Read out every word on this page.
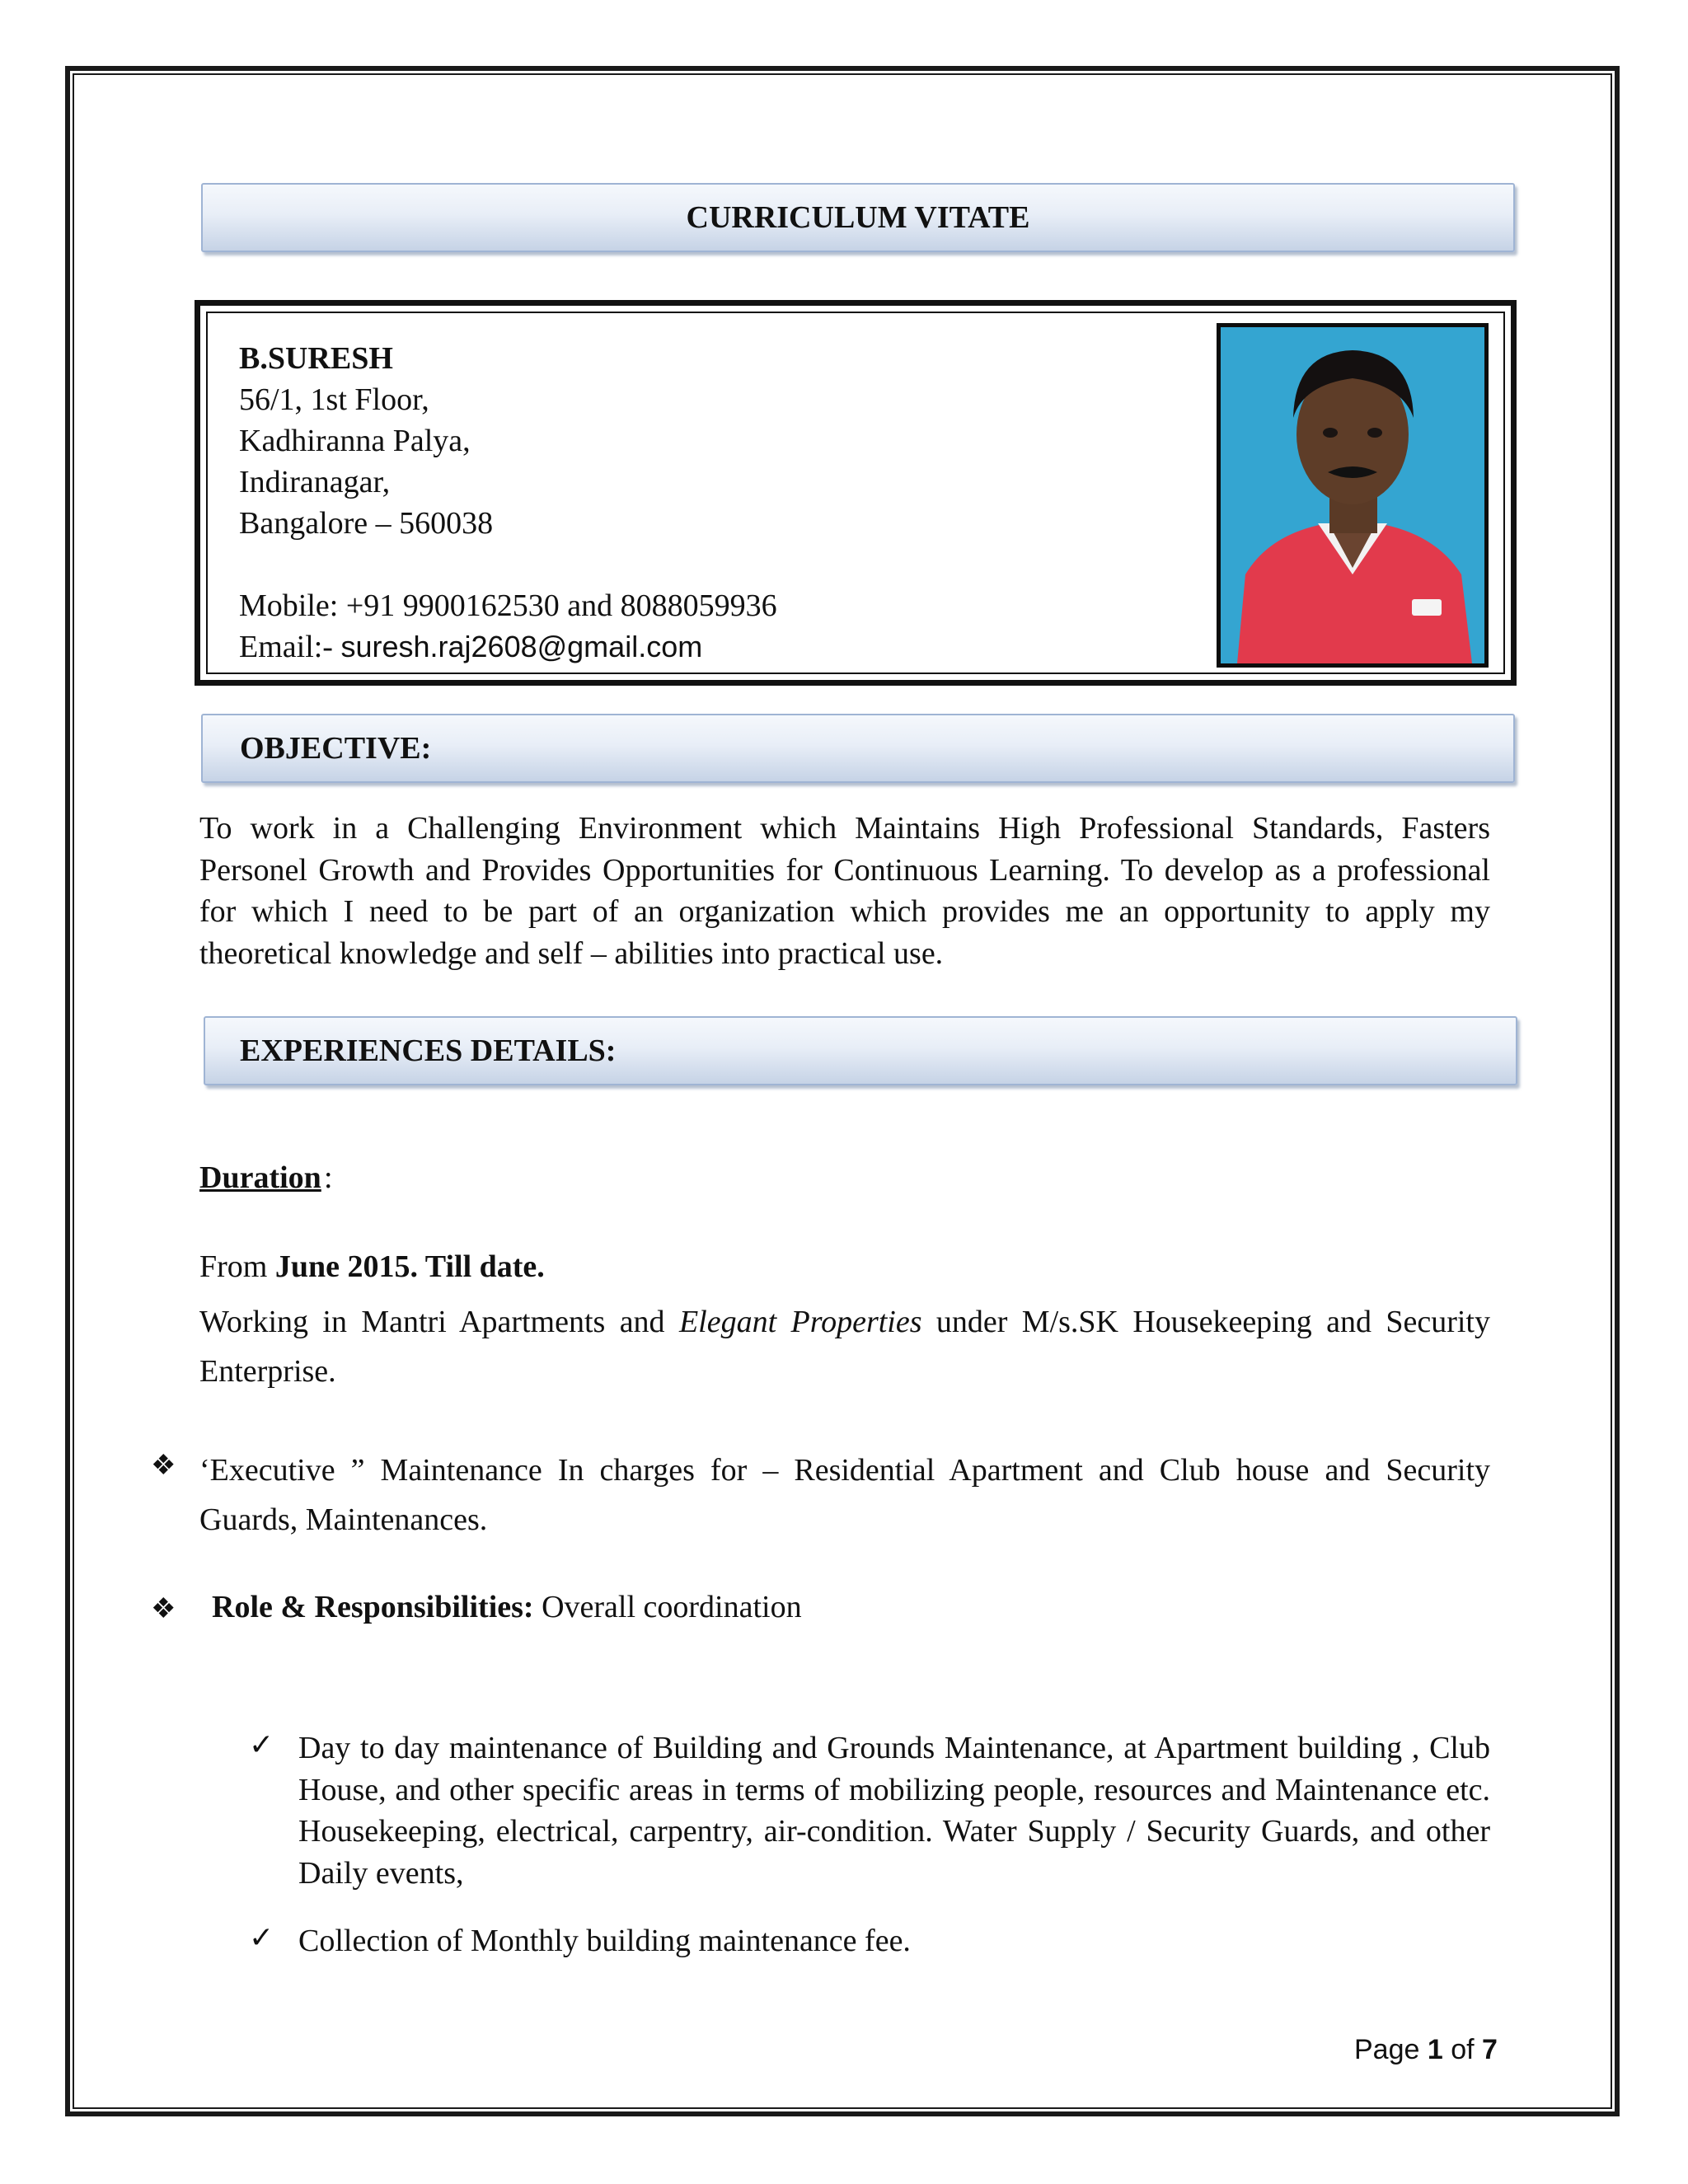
CURRICULUM VITATE
B.SURESH
56/1, 1st Floor,
Kadhiranna Palya,
Indiranagar,
Bangalore – 560038
Mobile: +91 9900162530 and 8088059936
Email:- suresh.raj2608@gmail.com
OBJECTIVE:
To work in a Challenging Environment which Maintains High Professional Standards, Fasters Personel Growth and Provides Opportunities for Continuous Learning. To develop as a professional for which I need to be part of an organization which provides me an opportunity to apply my theoretical knowledge and self – abilities into practical use.
EXPERIENCES DETAILS:
Duration :
From June 2015. Till date.
Working in Mantri Apartments and Elegant Properties under M/s.SK Housekeeping and Security Enterprise.
❖ ‘Executive ” Maintenance In charges for – Residential Apartment and Club house and Security Guards, Maintenances.
❖ Role & Responsibilities: Overall coordination
✓ Day to day maintenance of Building and Grounds Maintenance, at Apartment building , Club House, and other specific areas in terms of mobilizing people, resources and Maintenance etc. Housekeeping, electrical, carpentry, air-condition. Water Supply / Security Guards, and other Daily events,
✓ Collection of Monthly building maintenance fee.
Page 1 of 7
